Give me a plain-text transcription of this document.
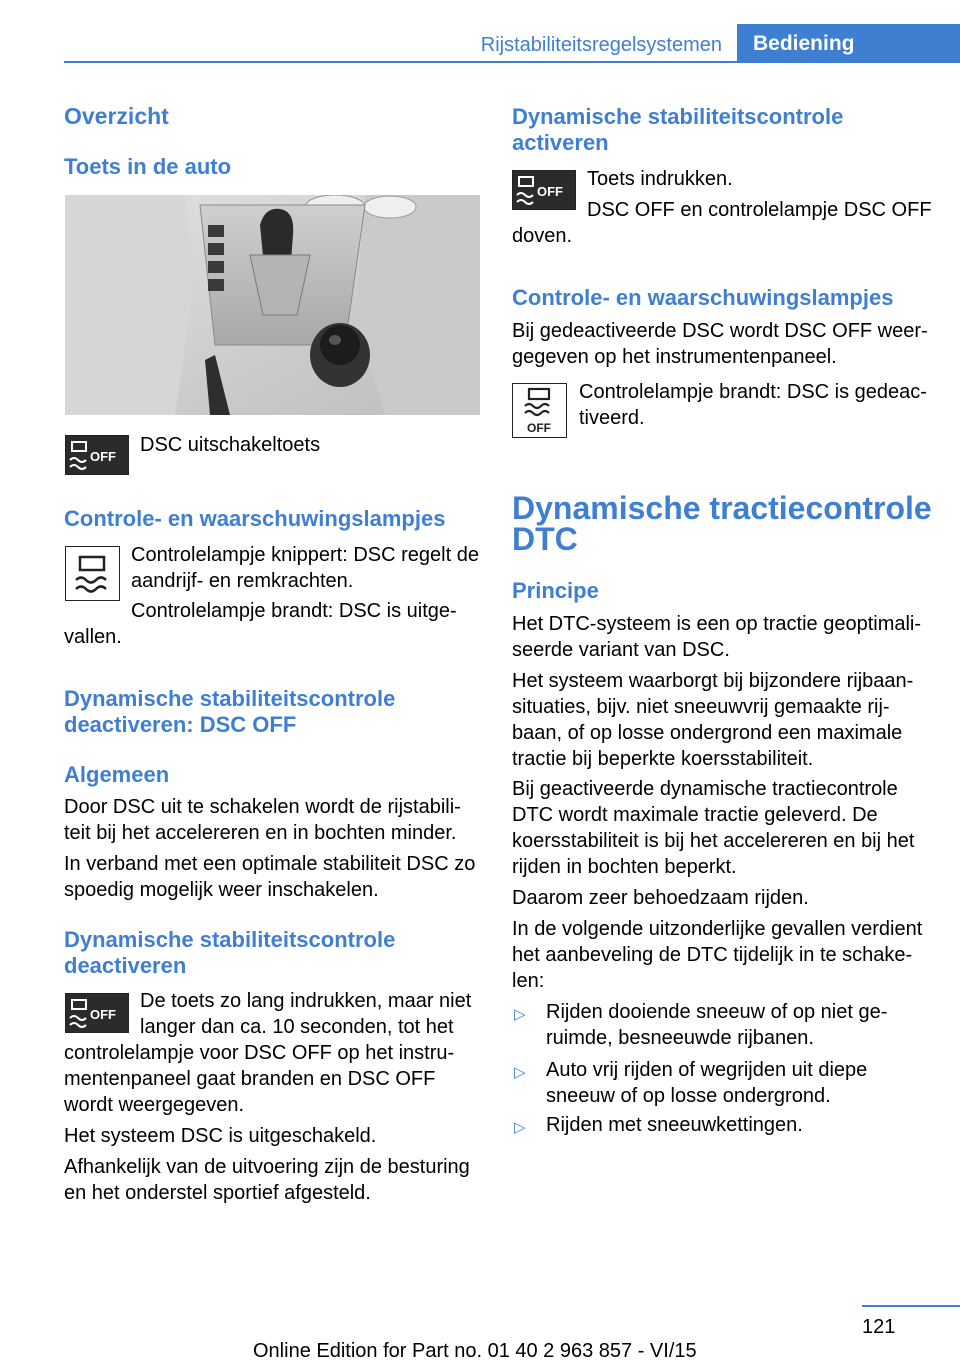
Rijstabiliteitsregelsystemen	Bediening
Overzicht
Toets in de auto
OFF
DSC uitschakeltoets
Controle- en waarschuwingslampjes
Controlelampje knippert: DSC regelt de
aandrijf- en remkrachten.
Controlelampje brandt: DSC is uitge‐
vallen.
Dynamische stabiliteitscontrole
deactiveren: DSC OFF
Algemeen
Door DSC uit te schakelen wordt de rijstabili‐
teit bij het accelereren en in bochten minder.
In verband met een optimale stabiliteit DSC zo
spoedig mogelijk weer inschakelen.
Dynamische stabiliteitscontrole
deactiveren
OFF
De toets zo lang indrukken, maar niet
langer dan ca. 10 seconden, tot het
controlelampje voor DSC OFF op het instru‐
mentenpaneel gaat branden en DSC OFF
wordt weergegeven.
Het systeem DSC is uitgeschakeld.
Afhankelijk van de uitvoering zijn de besturing
en het onderstel sportief afgesteld.
Dynamische stabiliteitscontrole
activeren
OFF
Toets indrukken.
DSC OFF en controlelampje DSC OFF
doven.
Controle- en waarschuwingslampjes
Bij gedeactiveerde DSC wordt DSC OFF weer‐
gegeven op het instrumentenpaneel.
OFF
Controlelampje brandt: DSC is gedeac‐
tiveerd.
Dynamische tractiecontrole
DTC
Principe
Het DTC-systeem is een op tractie geoptimali‐
seerde variant van DSC.
Het systeem waarborgt bij bijzondere rijbaan‐
situaties, bijv. niet sneeuwvrij gemaakte rij‐
baan, of op losse ondergrond een maximale
tractie bij beperkte koersstabiliteit.
Bij geactiveerde dynamische tractiecontrole
DTC wordt maximale tractie geleverd. De
koersstabiliteit is bij het accelereren en bij het
rijden in bochten beperkt.
Daarom zeer behoedzaam rijden.
In de volgende uitzonderlijke gevallen verdient
het aanbeveling de DTC tijdelijk in te schake‐
len:
▷ Rijden dooiende sneeuw of op niet ge‐
ruimde, besneeuwde rijbanen.
▷ Auto vrij rijden of wegrijden uit diepe
sneeuw of op losse ondergrond.
▷ Rijden met sneeuwkettingen.
121
Online Edition for Part no. 01 40 2 963 857 - VI/15
